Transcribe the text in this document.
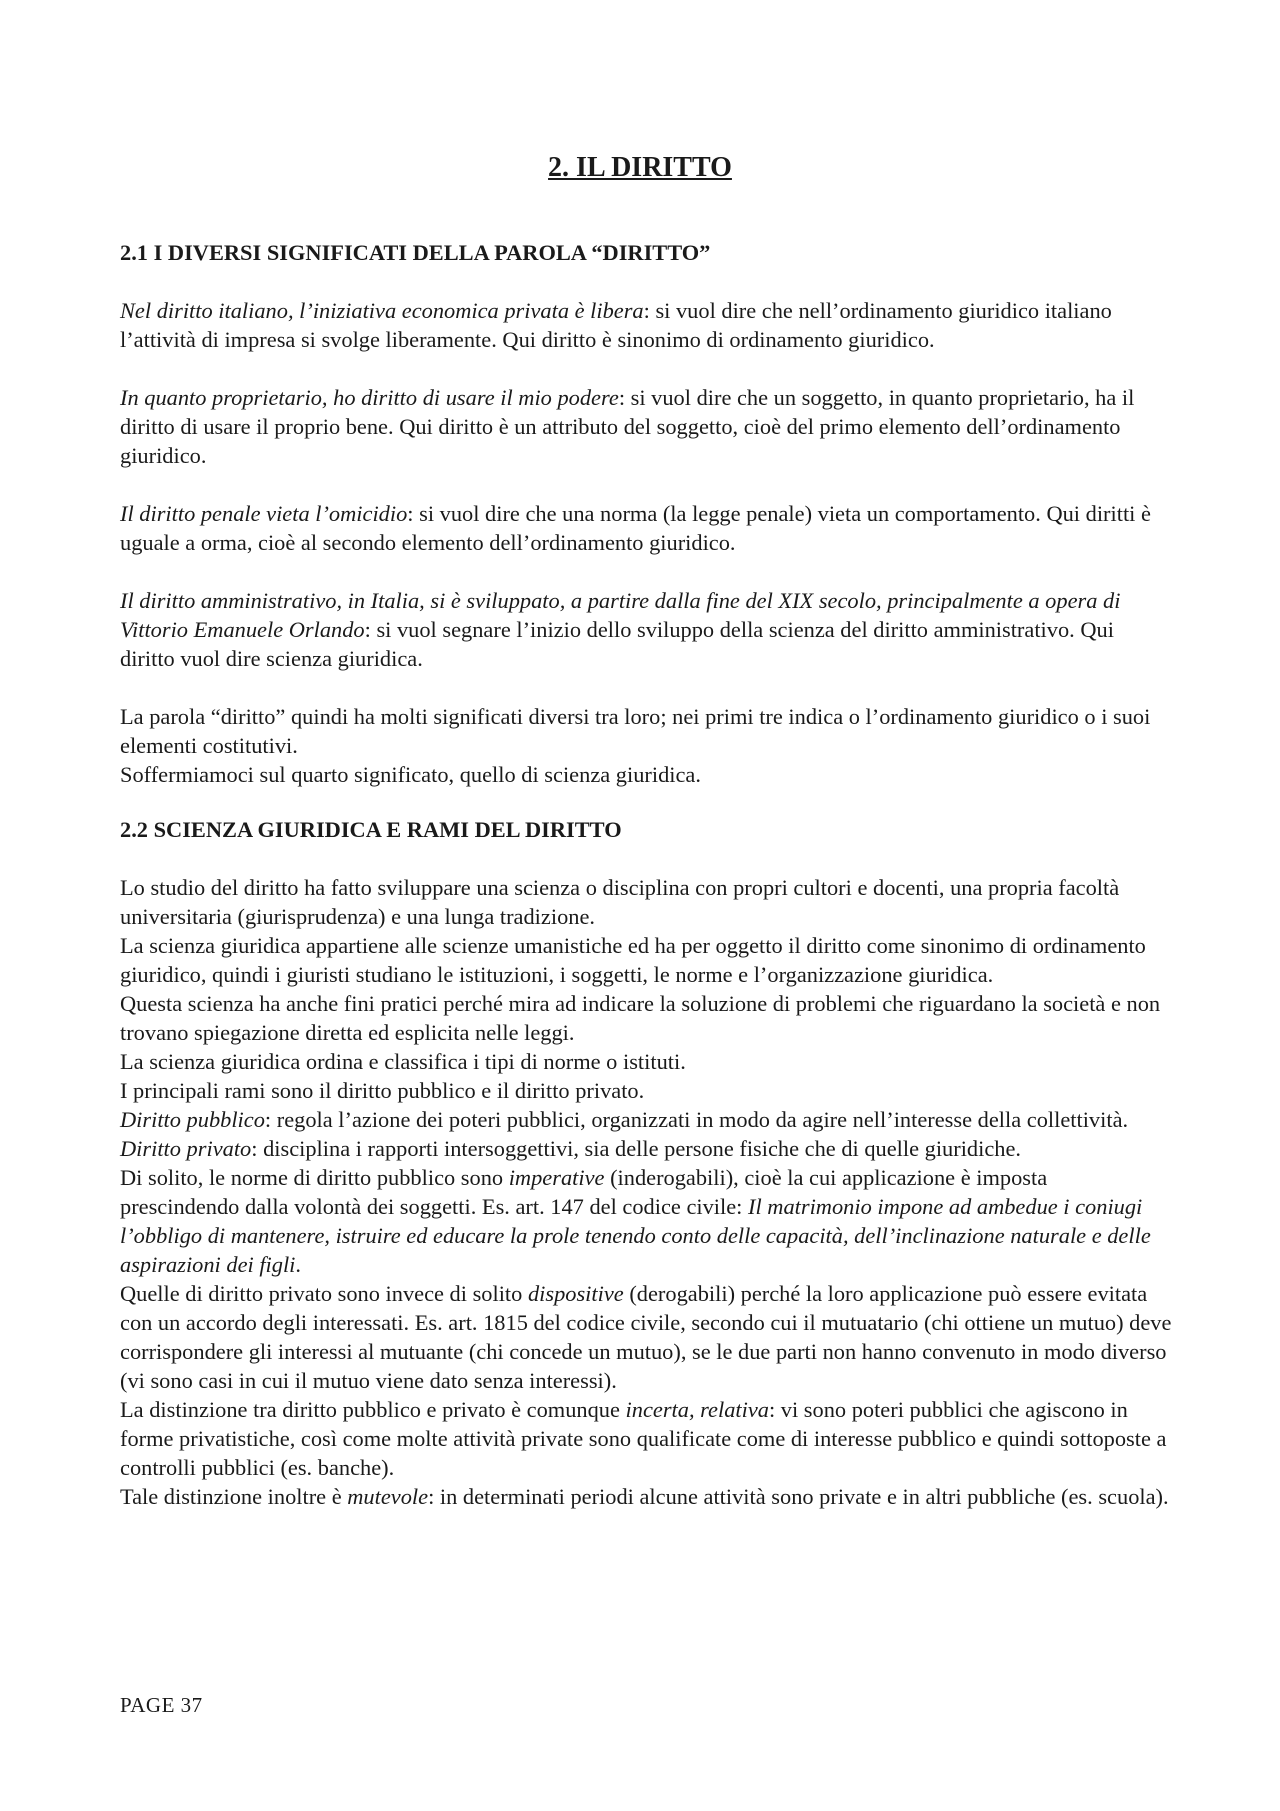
2. IL DIRITTO

2.1 I DIVERSI SIGNIFICATI DELLA PAROLA “DIRITTO”

Nel diritto italiano, l’iniziativa economica privata è libera: si vuol dire che nell’ordinamento giuridico italiano l’attività di impresa si svolge liberamente. Qui diritto è sinonimo di ordinamento giuridico.

In quanto proprietario, ho diritto di usare il mio podere: si vuol dire che un soggetto, in quanto proprietario, ha il diritto di usare il proprio bene. Qui diritto è un attributo del soggetto, cioè del primo elemento dell’ordinamento giuridico.

Il diritto penale vieta l’omicidio: si vuol dire che una norma (la legge penale) vieta un comportamento. Qui diritti è uguale a orma, cioè al secondo elemento dell’ordinamento giuridico.

Il diritto amministrativo, in Italia, si è sviluppato, a partire dalla fine del XIX secolo, principalmente a opera di Vittorio Emanuele Orlando: si vuol segnare l’inizio dello sviluppo della scienza del diritto amministrativo. Qui diritto vuol dire scienza giuridica.

La parola “diritto” quindi ha molti significati diversi tra loro; nei primi tre indica o l’ordinamento giuridico o i suoi elementi costitutivi.

Soffermiamoci sul quarto significato, quello di scienza giuridica.

2.2 SCIENZA GIURIDICA E RAMI DEL DIRITTO

Lo studio del diritto ha fatto sviluppare una scienza o disciplina con propri cultori e docenti, una propria facoltà universitaria (giurisprudenza) e una lunga tradizione.

La scienza giuridica appartiene alle scienze umanistiche ed ha per oggetto il diritto come sinonimo di ordinamento giuridico, quindi i giuristi studiano le istituzioni, i soggetti, le norme e l’organizzazione giuridica.

Questa scienza ha anche fini pratici perché mira ad indicare la soluzione di problemi che riguardano la società e non trovano spiegazione diretta ed esplicita nelle leggi.

La scienza giuridica ordina e classifica i tipi di norme o istituti.

I principali rami sono il diritto pubblico e il diritto privato.

Diritto pubblico: regola l’azione dei poteri pubblici, organizzati in modo da agire nell’interesse della collettività.

Diritto privato: disciplina i rapporti intersoggettivi, sia delle persone fisiche che di quelle giuridiche.

Di solito, le norme di diritto pubblico sono imperative (inderogabili), cioè la cui applicazione è imposta prescindendo dalla volontà dei soggetti. Es. art. 147 del codice civile: Il matrimonio impone ad ambedue i coniugi l’obbligo di mantenere, istruire ed educare la prole tenendo conto delle capacità, dell’inclinazione naturale e delle aspirazioni dei figli.

Quelle di diritto privato sono invece di solito dispositive (derogabili) perché la loro applicazione può essere evitata con un accordo degli interessati. Es. art. 1815 del codice civile, secondo cui il mutuatario (chi ottiene un mutuo) deve corrispondere gli interessi al mutuante (chi concede un mutuo), se le due parti non hanno convenuto in modo diverso (vi sono casi in cui il mutuo viene dato senza interessi).

La distinzione tra diritto pubblico e privato è comunque incerta, relativa: vi sono poteri pubblici che agiscono in forme privatistiche, così come molte attività private sono qualificate come di interesse pubblico e quindi sottoposte a controlli pubblici (es. banche).

Tale distinzione inoltre è mutevole: in determinati periodi alcune attività sono private e in altri pubbliche (es. scuola).

PAGE 37
